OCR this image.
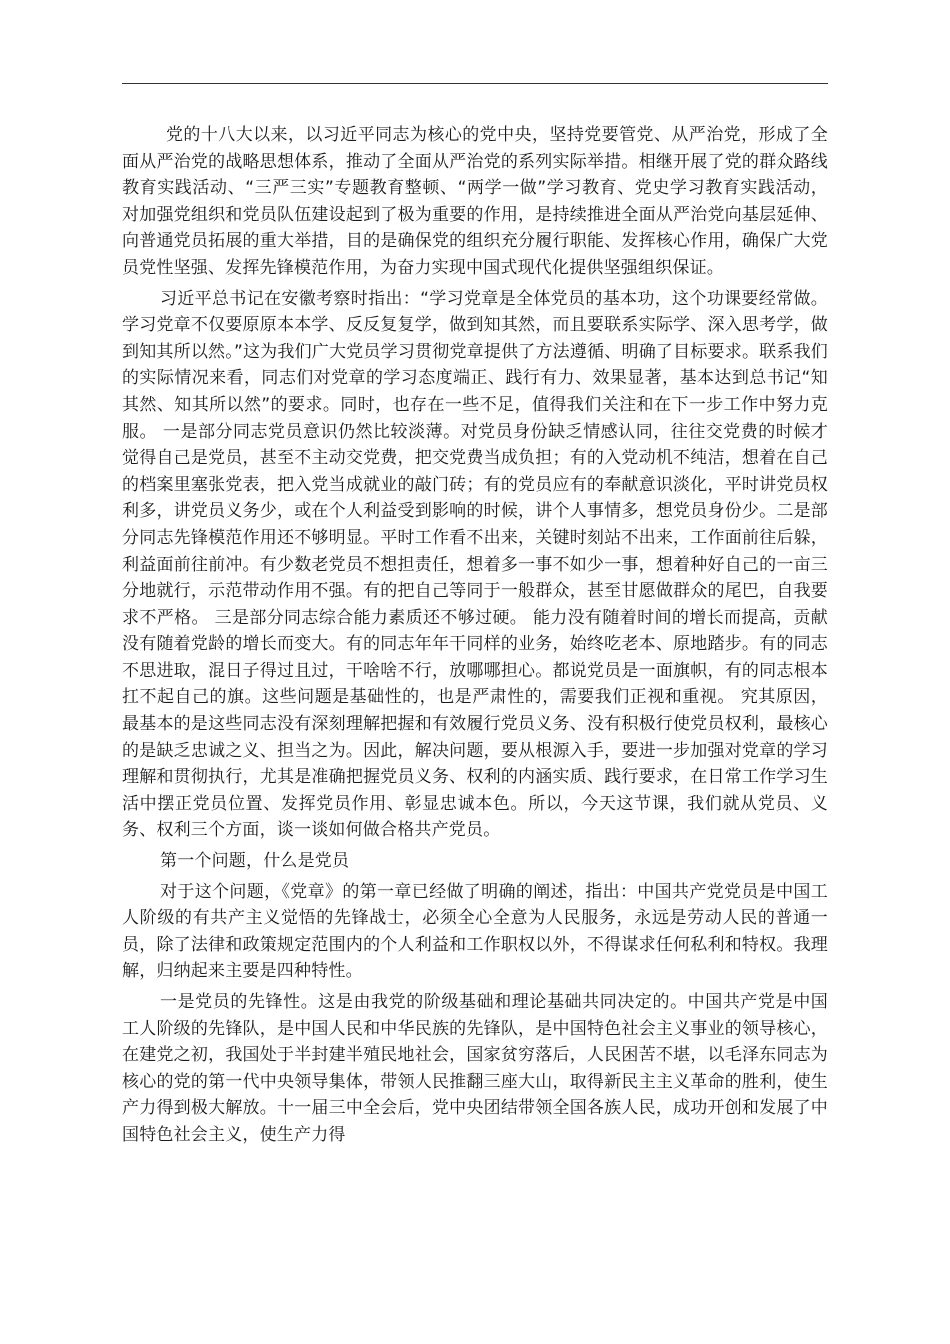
党的十八大以来，以习近平同志为核心的党中央，坚持党要管党、从严治党，形成了全面从严治党的战略思想体系，推动了全面从严治党的系列实际举措。相继开展了党的群众路线教育实践活动、“三严三实”专题教育整顿、“两学一做”学习教育、党史学习教育实践活动，对加强党组织和党员队伍建设起到了极为重要的作用，是持续推进全面从严治党向基层延伸、向普通党员拓展的重大举措，目的是确保党的组织充分履行职能、发挥核心作用，确保广大党员党性坚强、发挥先锋模范作用，为奋力实现中国式现代化提供坚强组织保证。

习近平总书记在安徽考察时指出：“学习党章是全体党员的基本功，这个功课要经常做。学习党章不仅要原原本本学、反反复复学，做到知其然，而且要联系实际学、深入思考学，做到知其所以然。”这为我们广大党员学习贯彻党章提供了方法遵循、明确了目标要求。联系我们的实际情况来看，同志们对党章的学习态度端正、践行有力、效果显著，基本达到总书记“知其然、知其所以然”的要求。同时，也存在一些不足，值得我们关注和在下一步工作中努力克服。 一是部分同志党员意识仍然比较淡薄。对党员身份缺乏情感认同，往往交党费的时候才觉得自己是党员，甚至不主动交党费，把交党费当成负担；有的入党动机不纯洁，想着在自己的档案里塞张党表，把入党当成就业的敲门砖；有的党员应有的奉献意识淡化，平时讲党员权利多，讲党员义务少，或在个人利益受到影响的时候，讲个人事情多，想党员身份少。二是部分同志先锋模范作用还不够明显。平时工作看不出来，关键时刻站不出来，工作面前往后躲，利益面前往前冲。有少数老党员不想担责任，想着多一事不如少一事，想着种好自己的一亩三分地就行，示范带动作用不强。有的把自己等同于一般群众，甚至甘愿做群众的尾巴，自我要求不严格。 三是部分同志综合能力素质还不够过硬。 能力没有随着时间的增长而提高，贡献没有随着党龄的增长而变大。有的同志年年干同样的业务，始终吃老本、原地踏步。有的同志不思进取，混日子得过且过，干啥啥不行，放哪哪担心。都说党员是一面旗帜，有的同志根本扛不起自己的旗。这些问题是基础性的，也是严肃性的，需要我们正视和重视。 究其原因，最基本的是这些同志没有深刻理解把握和有效履行党员义务、没有积极行使党员权利，最核心的是缺乏忠诚之义、担当之为。因此，解决问题，要从根源入手，要进一步加强对党章的学习理解和贯彻执行，尤其是准确把握党员义务、权利的内涵实质、践行要求，在日常工作学习生活中摆正党员位置、发挥党员作用、彰显忠诚本色。所以，今天这节课，我们就从党员、义务、权利三个方面，谈一谈如何做合格共产党员。

第一个问题，什么是党员

对于这个问题，《党章》的第一章已经做了明确的阐述，指出：中国共产党党员是中国工人阶级的有共产主义觉悟的先锋战士，必须全心全意为人民服务，永远是劳动人民的普通一员，除了法律和政策规定范围内的个人利益和工作职权以外，不得谋求任何私利和特权。我理解，归纳起来主要是四种特性。

一是党员的先锋性。这是由我党的阶级基础和理论基础共同决定的。中国共产党是中国工人阶级的先锋队，是中国人民和中华民族的先锋队，是中国特色社会主义事业的领导核心，在建党之初，我国处于半封建半殖民地社会，国家贫穷落后，人民困苦不堪，以毛泽东同志为核心的党的第一代中央领导集体，带领人民推翻三座大山，取得新民主主义革命的胜利，使生产力得到极大解放。十一届三中全会后，党中央团结带领全国各族人民，成功开创和发展了中国特色社会主义，使生产力得
